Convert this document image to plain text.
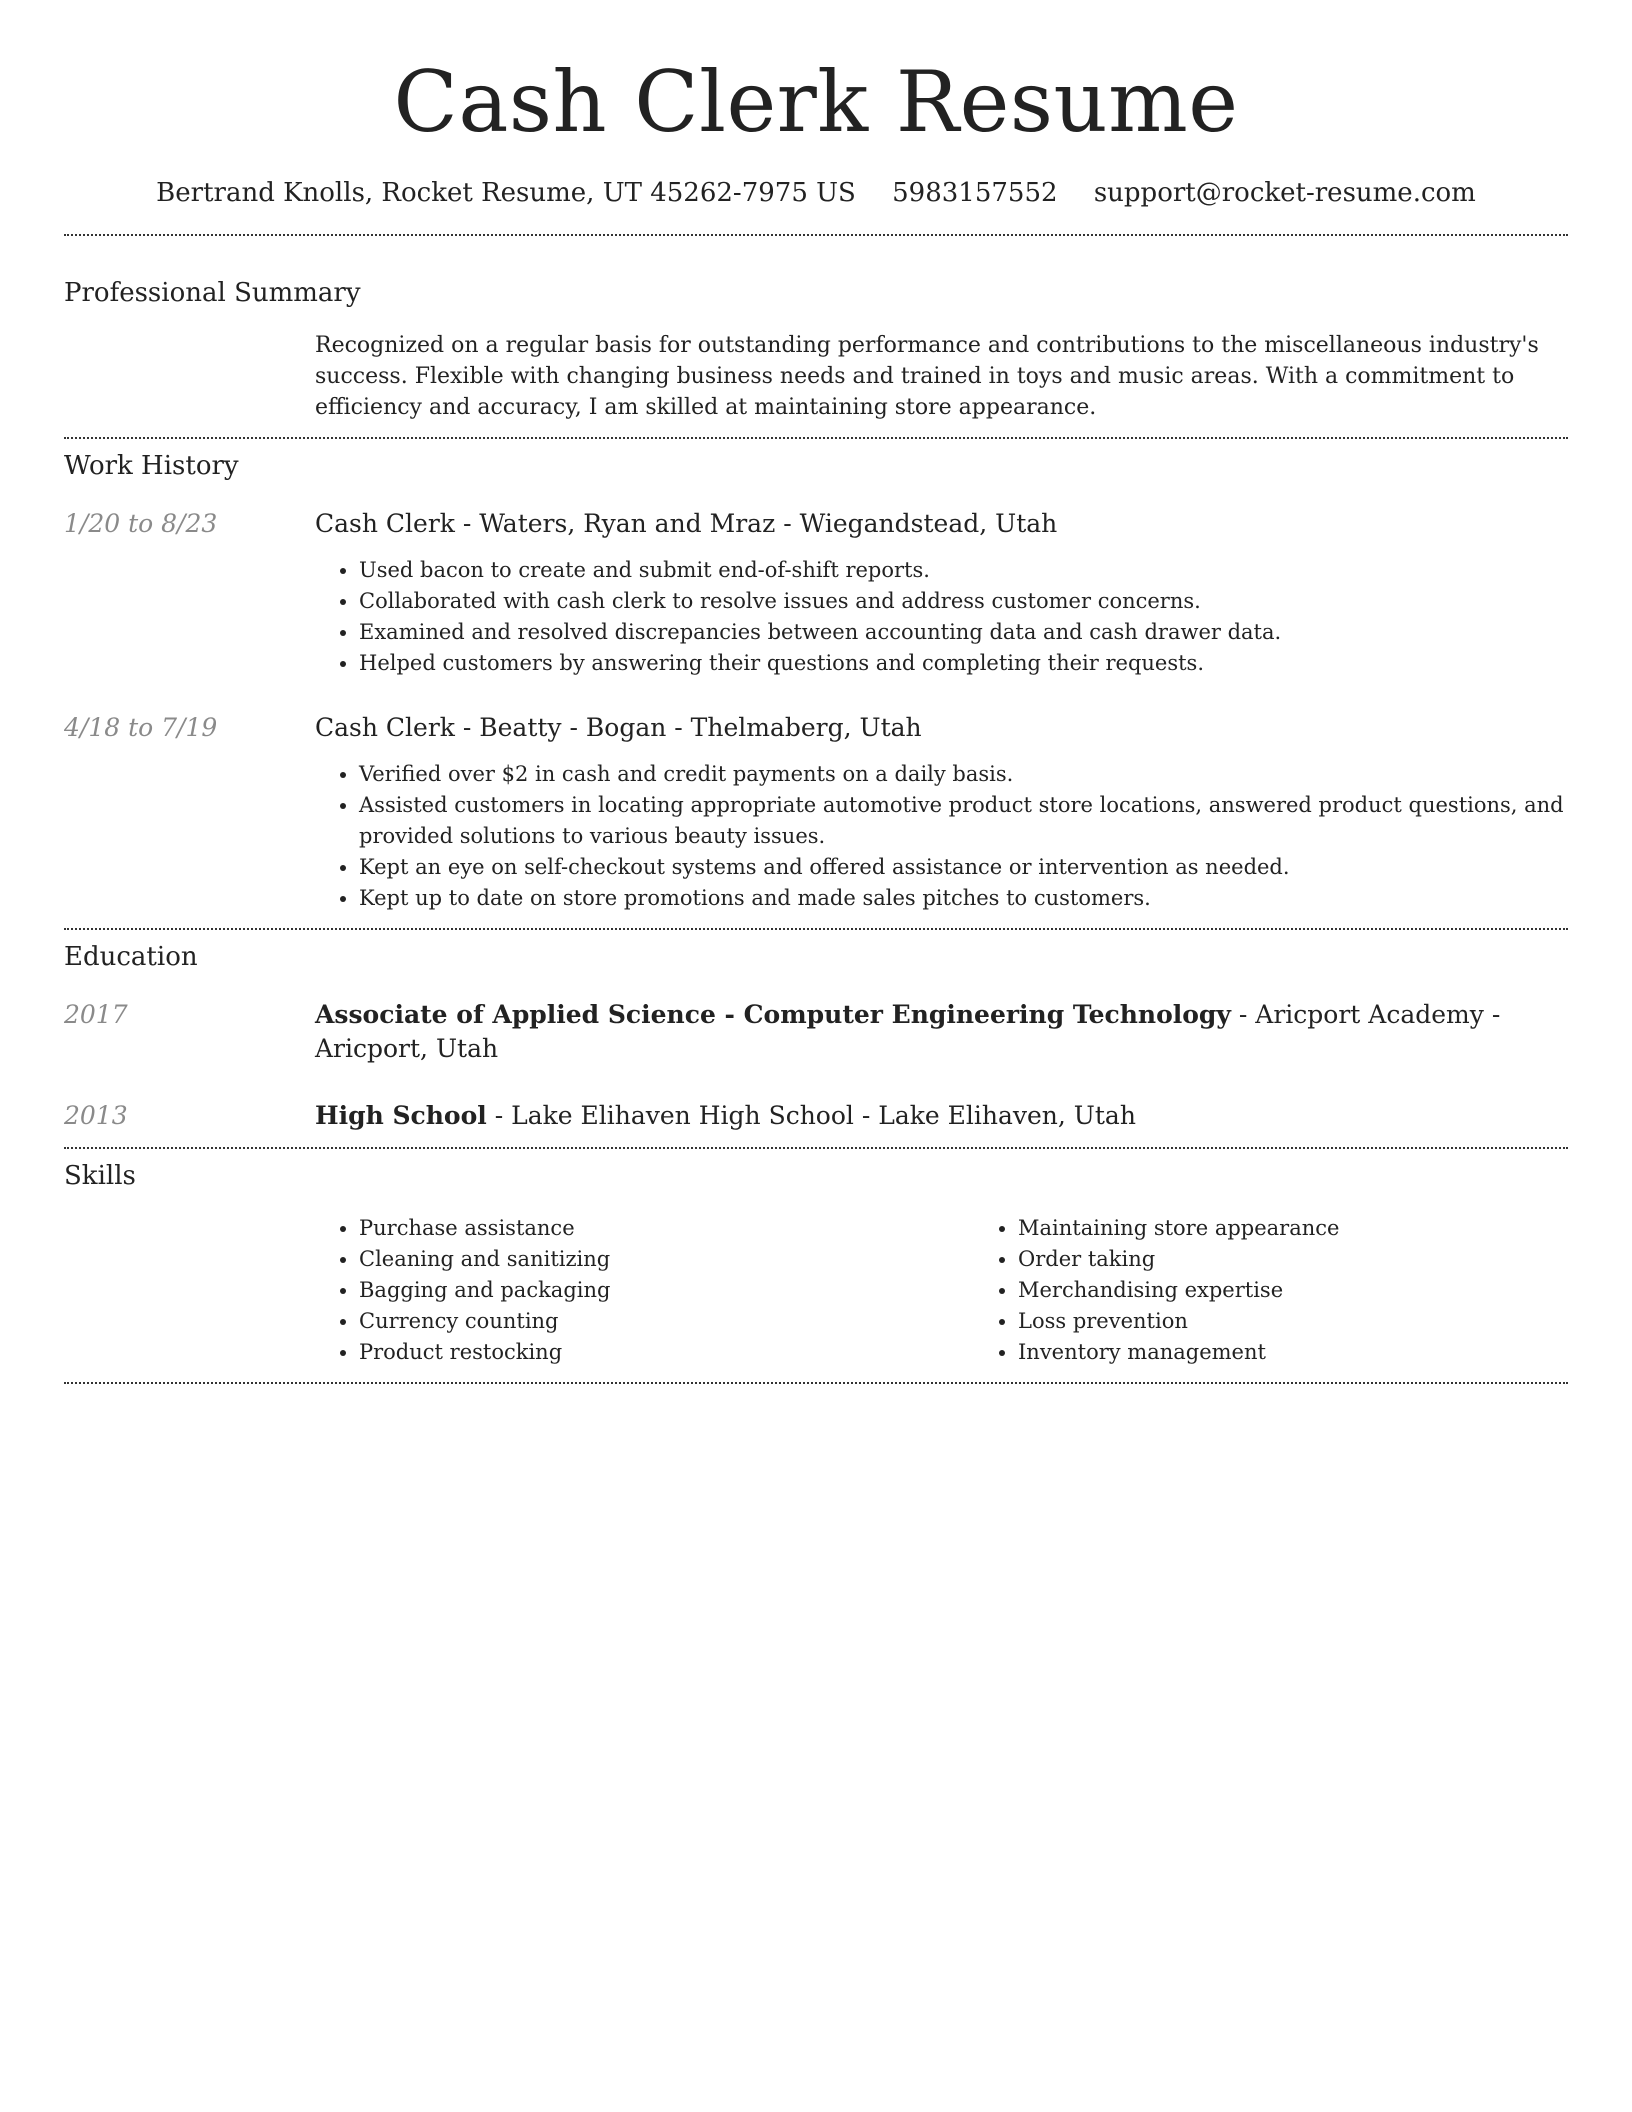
Cash Clerk Resume
Bertrand Knolls, Rocket Resume, UT 45262-7975 US 5983157552 support@rocket-resume.com
Professional Summary
Recognized on a regular basis for outstanding performance and contributions to the miscellaneous industry's success. Flexible with changing business needs and trained in toys and music areas. With a commitment to efficiency and accuracy, I am skilled at maintaining store appearance.
Work History
1/20 to 8/23	Cash Clerk - Waters, Ryan and Mraz - Wiegandstead, Utah
• Used bacon to create and submit end-of-shift reports.
• Collaborated with cash clerk to resolve issues and address customer concerns.
• Examined and resolved discrepancies between accounting data and cash drawer data.
• Helped customers by answering their questions and completing their requests.
4/18 to 7/19	Cash Clerk - Beatty - Bogan - Thelmaberg, Utah
• Verified over $2 in cash and credit payments on a daily basis.
• Assisted customers in locating appropriate automotive product store locations, answered product questions, and provided solutions to various beauty issues.
• Kept an eye on self-checkout systems and offered assistance or intervention as needed.
• Kept up to date on store promotions and made sales pitches to customers.
Education
2017	Associate of Applied Science - Computer Engineering Technology - Aricport Academy - Aricport, Utah
2013	High School - Lake Elihaven High School - Lake Elihaven, Utah
Skills
• Purchase assistance
• Cleaning and sanitizing
• Bagging and packaging
• Currency counting
• Product restocking
• Maintaining store appearance
• Order taking
• Merchandising expertise
• Loss prevention
• Inventory management
